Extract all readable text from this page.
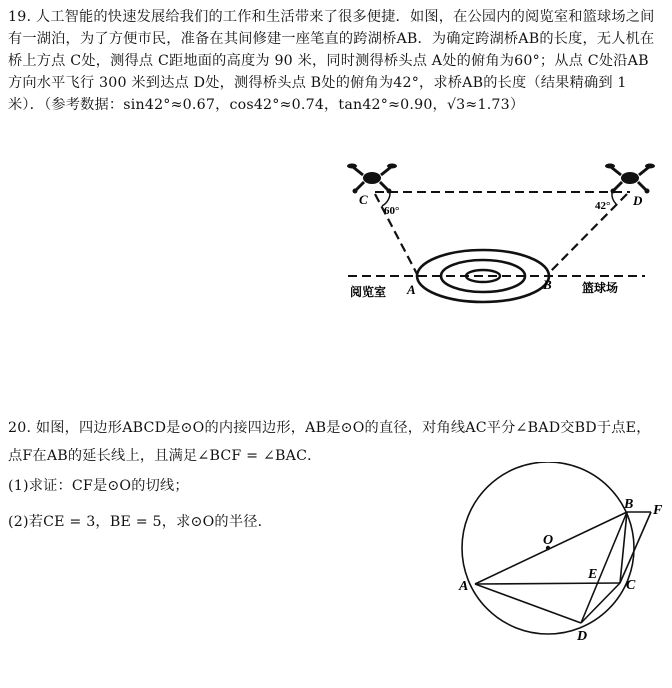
19. 人工智能的快速发展给我们的工作和生活带来了很多便捷．如图，在公园内的阅览室和篮球场之间有一湖泊，为了方便市民，准备在其间修建一座笔直的跨湖桥AB．为确定跨湖桥AB的长度，无人机在桥上方点 C处，测得点 C距地面的高度为 90 米，同时测得桥头点 A处的俯角为60°；从点 C处沿AB方向水平飞行 300 米到达点 D处，测得桥头点 B处的俯角为42°，求桥AB的长度（结果精确到 1 米）．（参考数据：sin42°≈0.67，cos42°≈0.74，tan42°≈0.90，√3≈1.73）

C	D
60°	42°
A	B
阅览室	篮球场

20. 如图，四边形ABCD是⊙O的内接四边形，AB是⊙O的直径，对角线AC平分∠BAD交BD于点E，点F在AB的延长线上，且满足∠BCF = ∠BAC．

(1)求证：CF是⊙O的切线；

(2)若CE = 3，BE = 5，求⊙O的半径．

O
A
B
C
D
E
F
